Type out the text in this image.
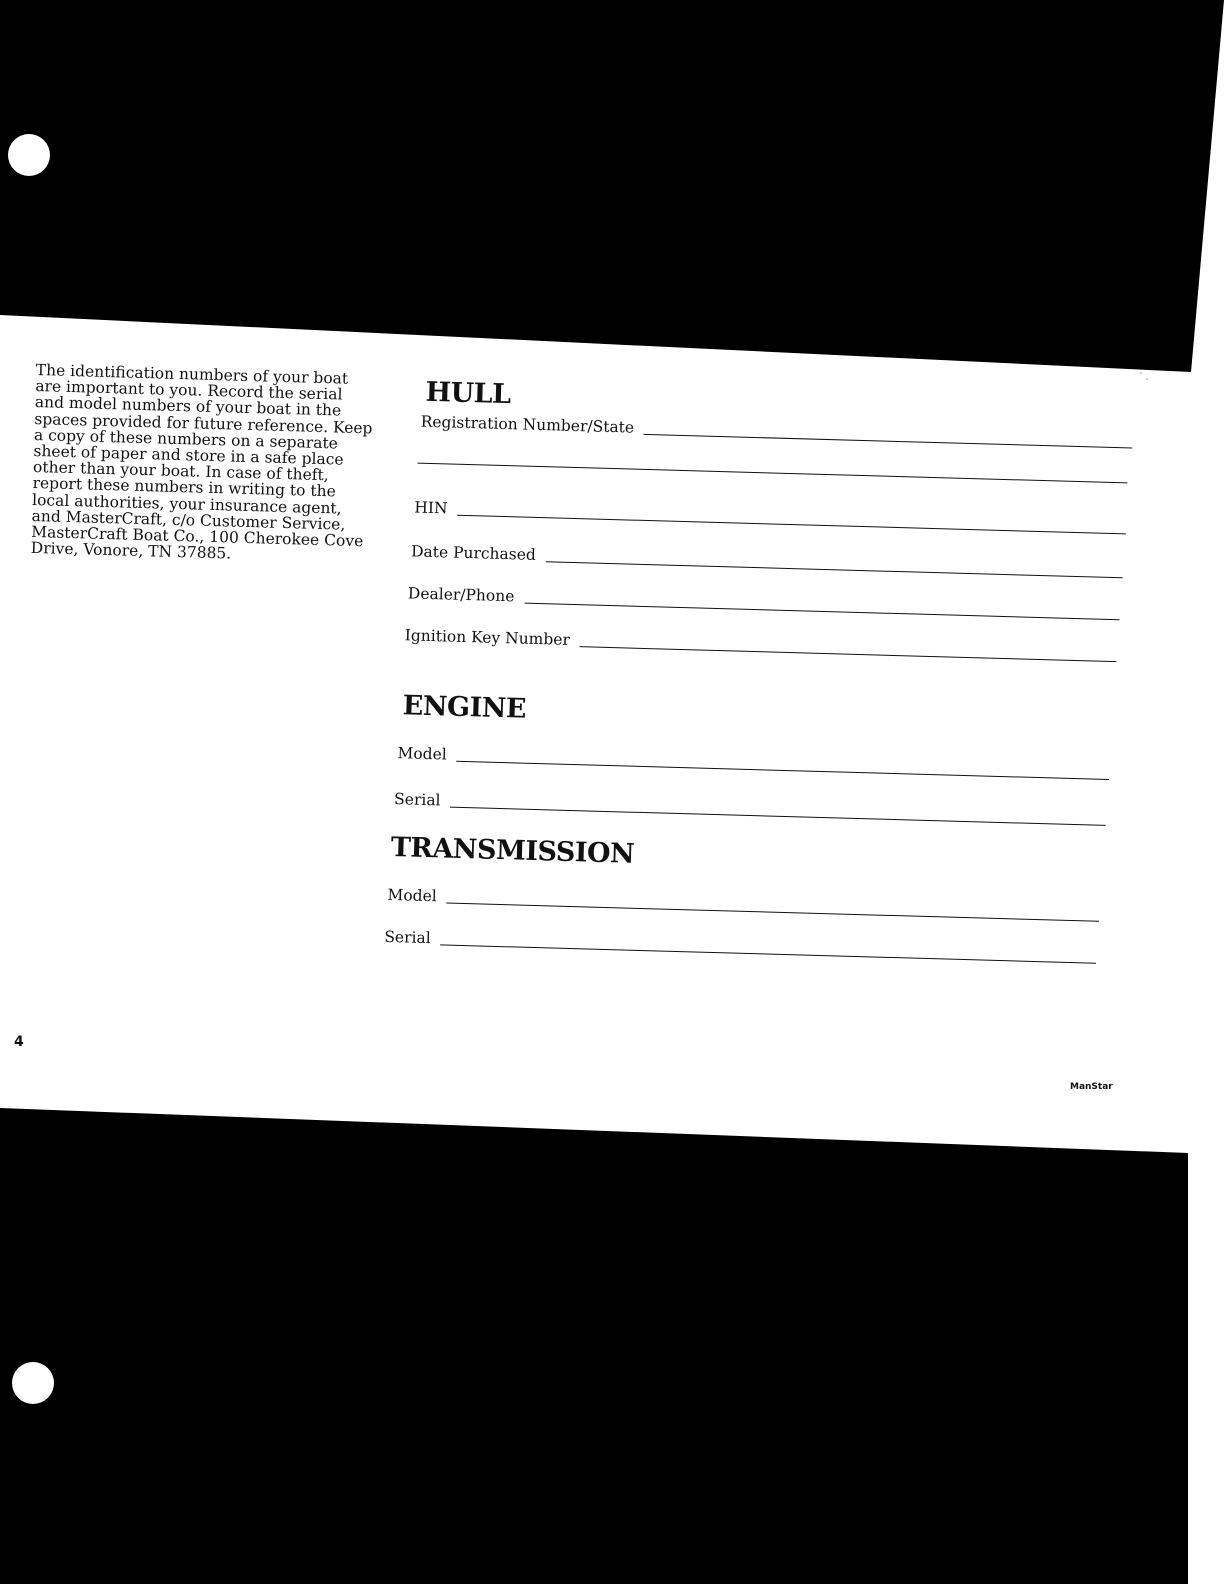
The identification numbers of your boat are important to you. Record the serial and model numbers of your boat in the spaces provided for future reference. Keep a copy of these numbers on a separate sheet of paper and store in a safe place other than your boat. In case of theft, report these numbers in writing to the local authorities, your insurance agent, and MasterCraft, c/o Customer Service, MasterCraft Boat Co., 100 Cherokee Cove Drive, Vonore, TN 37885.

HULL
Registration Number/State
HIN
Date Purchased
Dealer/Phone
Ignition Key Number
ENGINE
Model
Serial
TRANSMISSION
Model
Serial
4
ManStar
